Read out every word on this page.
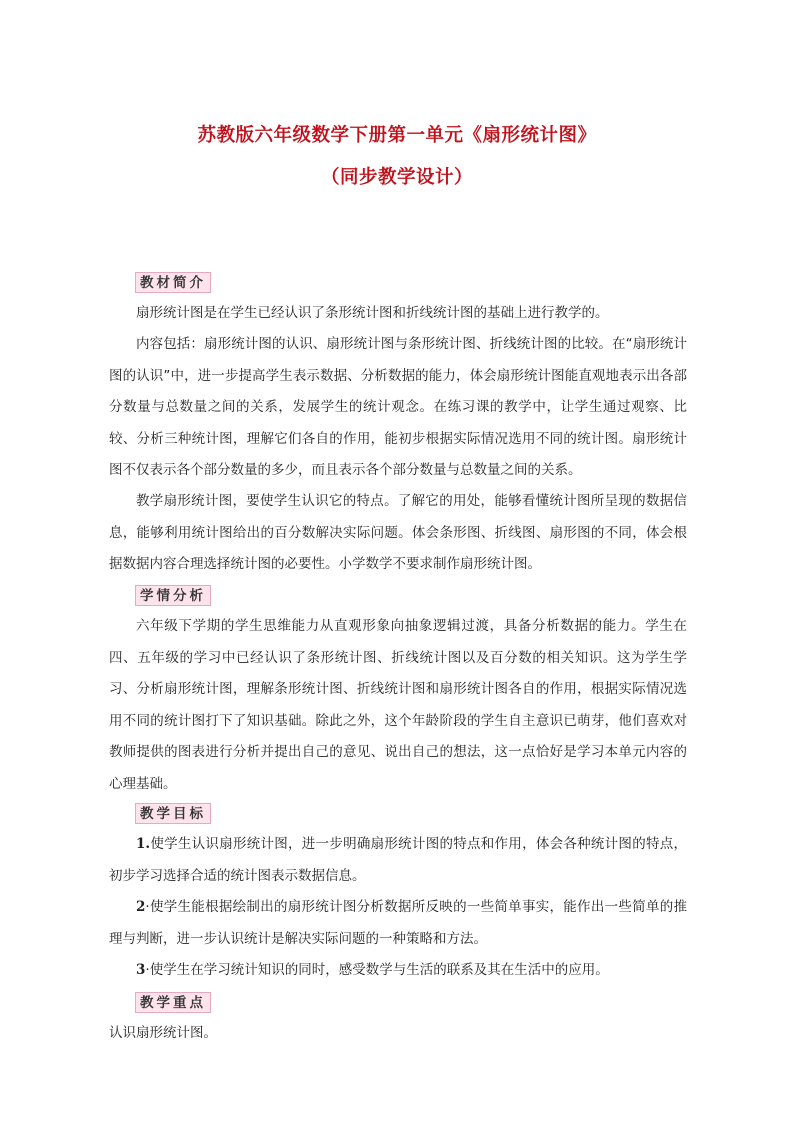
苏教版六年级数学下册第一单元《扇形统计图》
（同步教学设计）
教材简介

扇形统计图是在学生已经认识了条形统计图和折线统计图的基础上进行教学的。

内容包括：扇形统计图的认识、扇形统计图与条形统计图、折线统计图的比较。在“扇形统计图的认识”中，进一步提高学生表示数据、分析数据的能力，体会扇形统计图能直观地表示出各部分数量与总数量之间的关系，发展学生的统计观念。在练习课的教学中，让学生通过观察、比较、分析三种统计图，理解它们各自的作用，能初步根据实际情况选用不同的统计图。扇形统计图不仅表示各个部分数量的多少，而且表示各个部分数量与总数量之间的关系。

教学扇形统计图，要使学生认识它的特点。了解它的用处，能够看懂统计图所呈现的数据信息，能够利用统计图给出的百分数解决实际问题。体会条形图、折线图、扇形图的不同，体会根据数据内容合理选择统计图的必要性。小学数学不要求制作扇形统计图。

学情分析

六年级下学期的学生思维能力从直观形象向抽象逻辑过渡，具备分析数据的能力。学生在四、五年级的学习中已经认识了条形统计图、折线统计图以及百分数的相关知识。这为学生学习、分析扇形统计图，理解条形统计图、折线统计图和扇形统计图各自的作用，根据实际情况选用不同的统计图打下了知识基础。除此之外，这个年龄阶段的学生自主意识已萌芽，他们喜欢对教师提供的图表进行分析并提出自己的意见、说出自己的想法，这一点恰好是学习本单元内容的心理基础。

教学目标

1.使学生认识扇形统计图，进一步明确扇形统计图的特点和作用，体会各种统计图的特点，初步学习选择合适的统计图表示数据信息。

2·使学生能根据绘制出的扇形统计图分析数据所反映的一些简单事实，能作出一些简单的推理与判断，进一步认识统计是解决实际问题的一种策略和方法。

3·使学生在学习统计知识的同时，感受数学与生活的联系及其在生活中的应用。

教学重点

认识扇形统计图。
